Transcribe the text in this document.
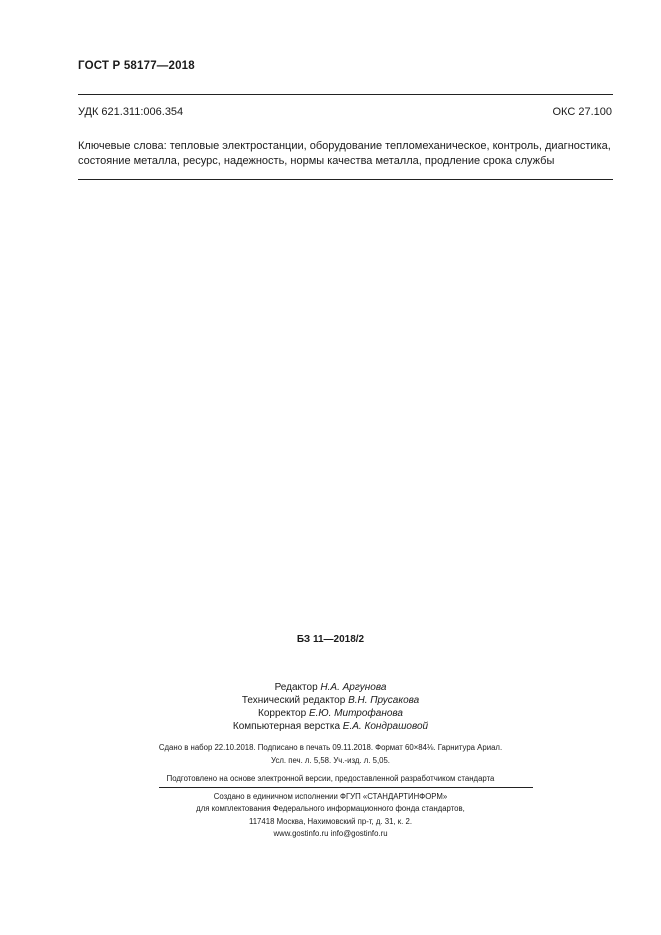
ГОСТ Р 58177—2018
УДК 621.311:006.354	ОКС 27.100
Ключевые слова: тепловые электростанции, оборудование тепломеханическое, контроль, диагностика, состояние металла, ресурс, надежность, нормы качества металла, продление срока службы
БЗ 11—2018/2
Редактор Н.А. Аргунова
Технический редактор В.Н. Прусакова
Корректор Е.Ю. Митрофанова
Компьютерная верстка Е.А. Кондрашовой
Сдано в набор 22.10.2018. Подписано в печать 09.11.2018. Формат 60×84⅛. Гарнитура Ариал.
Усл. печ. л. 5,58. Уч.-изд. л. 5,05.
Подготовлено на основе электронной версии, предоставленной разработчиком стандарта
Создано в единичном исполнении ФГУП «СТАНДАРТИНФОРМ»
для комплектования Федерального информационного фонда стандартов,
117418 Москва, Нахимовский пр-т, д. 31, к. 2.
www.gostinfo.ru info@gostinfo.ru
